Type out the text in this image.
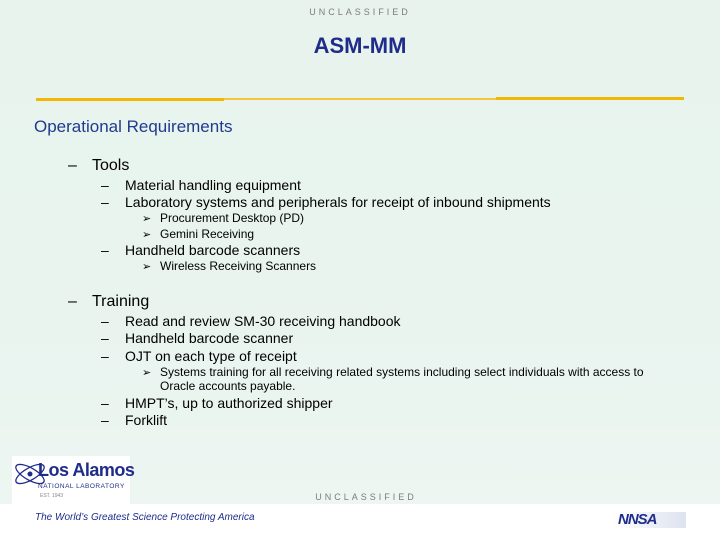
UNCLASSIFIED
ASM-MM
Operational Requirements
– Tools
– Material handling equipment
– Laboratory systems and peripherals for receipt of inbound shipments
➢ Procurement Desktop (PD)
➢ Gemini Receiving
– Handheld barcode scanners
➢ Wireless Receiving Scanners
– Training
– Read and review SM-30 receiving handbook
– Handheld barcode scanner
– OJT on each type of receipt
➢ Systems training for all receiving related systems including select individuals with access to Oracle accounts payable.
– HMPT’s, up to authorized shipper
– Forklift
Los Alamos
NATIONAL LABORATORY
EST. 1943	UNCLASSIFIED
The World’s Greatest Science Protecting America	NNSA
